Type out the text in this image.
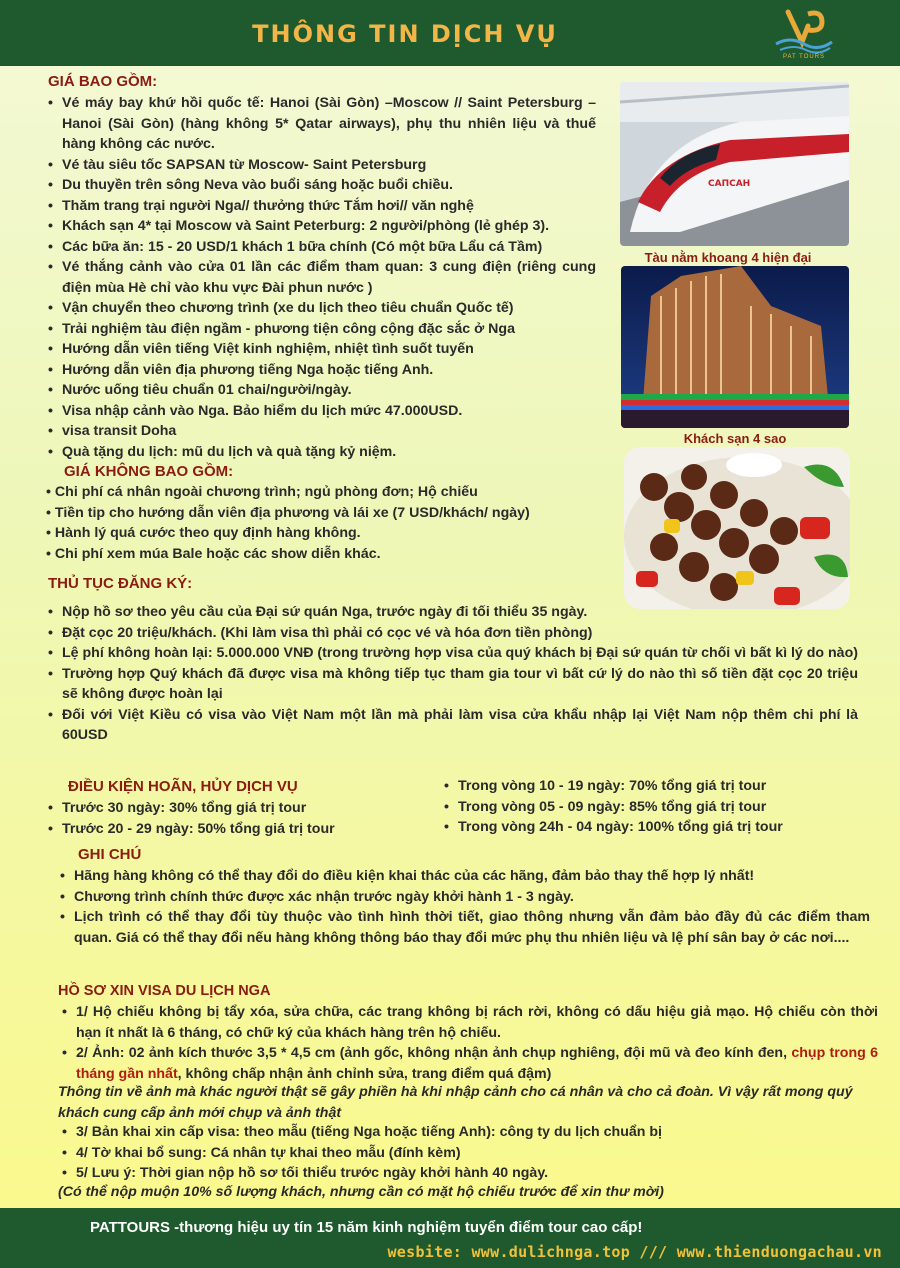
THÔNG TIN DỊCH VỤ
PAT TOURS
GIÁ BAO GỒM:
• Vé máy bay khứ hồi quốc tế: Hanoi (Sài Gòn) –Moscow // Saint Petersburg – Hanoi (Sài Gòn) (hàng không 5* Qatar airways), phụ thu nhiên liệu và thuế hàng không các nước.
• Vé tàu siêu tốc SAPSAN từ Moscow- Saint Petersburg
• Du thuyền trên sông Neva vào buổi sáng hoặc buổi chiều.
• Thăm trang trại người Nga// thưởng thức Tắm hơi// văn nghệ
• Khách sạn 4* tại Moscow và Saint Peterburg: 2 người/phòng (lẻ ghép 3).
• Các bữa ăn: 15 - 20 USD/1 khách 1 bữa chính (Có một bữa Lẩu cá Tầm)
• Vé thắng cảnh vào cửa 01 lần các điểm tham quan: 3 cung điện (riêng cung điện mùa Hè chỉ vào khu vực Đài phun nước )
• Vận chuyển theo chương trình (xe du lịch theo tiêu chuẩn Quốc tế)
• Trải nghiệm tàu điện ngầm - phương tiện công cộng đặc sắc ở Nga
• Hướng dẫn viên tiếng Việt kinh nghiệm, nhiệt tình suốt tuyến
• Hướng dẫn viên địa phương tiếng Nga hoặc tiếng Anh.
• Nước uống tiêu chuẩn 01 chai/người/ngày.
• Visa nhập cảnh vào Nga. Bảo hiểm du lịch mức 47.000USD.
• visa transit Doha
• Quà tặng du lịch: mũ du lịch và quà tặng kỷ niệm.
САПСАН
Tàu nằm khoang 4 hiện đại
Khách sạn 4 sao
GIÁ KHÔNG BAO GỒM:
• Chi phí cá nhân ngoài chương trình; ngủ phòng đơn; Hộ chiếu
• Tiền tip cho hướng dẫn viên địa phương và lái xe (7 USD/khách/ ngày)
• Hành lý quá cước theo quy định hàng không.
• Chi phí xem múa Bale hoặc các show diễn khác.
THỦ TỤC ĐĂNG KÝ:
• Nộp hồ sơ theo yêu cầu của Đại sứ quán Nga, trước ngày đi tối thiểu 35 ngày.
• Đặt cọc 20 triệu/khách. (Khi làm visa thì phải có cọc vé và hóa đơn tiền phòng)
• Lệ phí không hoàn lại: 5.000.000 VNĐ (trong trường hợp visa của quý khách bị Đại sứ quán từ chối vì bất kì lý do nào)
• Trường hợp Quý khách đã được visa mà không tiếp tục tham gia tour vì bất cứ lý do nào thì số tiền đặt cọc 20 triệu sẽ không được hoàn lại
• Đối với Việt Kiều có visa vào Việt Nam một lần mà phải làm visa cửa khẩu nhập lại Việt Nam nộp thêm chi phí là 60USD
ĐIỀU KIỆN HOÃN, HỦY DỊCH VỤ
• Trước 30 ngày: 30% tổng giá trị tour
• Trước 20 - 29 ngày: 50% tổng giá trị tour
• Trong vòng 10 - 19 ngày: 70% tổng giá trị tour
• Trong vòng 05 - 09 ngày: 85% tổng giá trị tour
• Trong vòng 24h - 04 ngày: 100% tổng giá trị tour
GHI CHÚ
• Hãng hàng không có thể thay đổi do điều kiện khai thác của các hãng, đảm bảo thay thế hợp lý nhất!
• Chương trình chính thức được xác nhận trước ngày khởi hành 1 - 3 ngày.
• Lịch trình có thể thay đổi tùy thuộc vào tình hình thời tiết, giao thông nhưng vẫn đảm bảo đầy đủ các điểm tham quan. Giá có thể thay đổi nếu hàng không thông báo thay đổi mức phụ thu nhiên liệu và lệ phí sân bay ở các nơi....
HỒ SƠ XIN VISA DU LỊCH NGA
• 1/ Hộ chiếu không bị tẩy xóa, sửa chữa, các trang không bị rách rời, không có dấu hiệu giả mạo. Hộ chiếu còn thời hạn ít nhất là 6 tháng, có chữ ký của khách hàng trên hộ chiếu.
• 2/ Ảnh: 02 ảnh kích thước 3,5 * 4,5 cm (ảnh gốc, không nhận ảnh chụp nghiêng, đội mũ và đeo kính đen, chụp trong 6 tháng gần nhất, không chấp nhận ảnh chỉnh sửa, trang điểm quá đậm)
Thông tin về ảnh mà khác người thật sẽ gây phiền hà khi nhập cảnh cho cá nhân và cho cả đoàn. Vì vậy rất mong quý khách cung cấp ảnh mới chụp và ảnh thật
• 3/ Bản khai xin cấp visa: theo mẫu (tiếng Nga hoặc tiếng Anh): công ty du lịch chuẩn bị
• 4/ Tờ khai bổ sung: Cá nhân tự khai theo mẫu (đính kèm)
• 5/ Lưu ý: Thời gian nộp hồ sơ tối thiểu trước ngày khởi hành 40 ngày.
(Có thể nộp muộn 10% số lượng khách, nhưng cần có mặt hộ chiếu trước để xin thư mời)
PATTOURS -thương hiệu uy tín 15 năm kinh nghiệm tuyển điểm tour cao cấp!
wesbite: www.dulichnga.top /// www.thienduongachau.vn
